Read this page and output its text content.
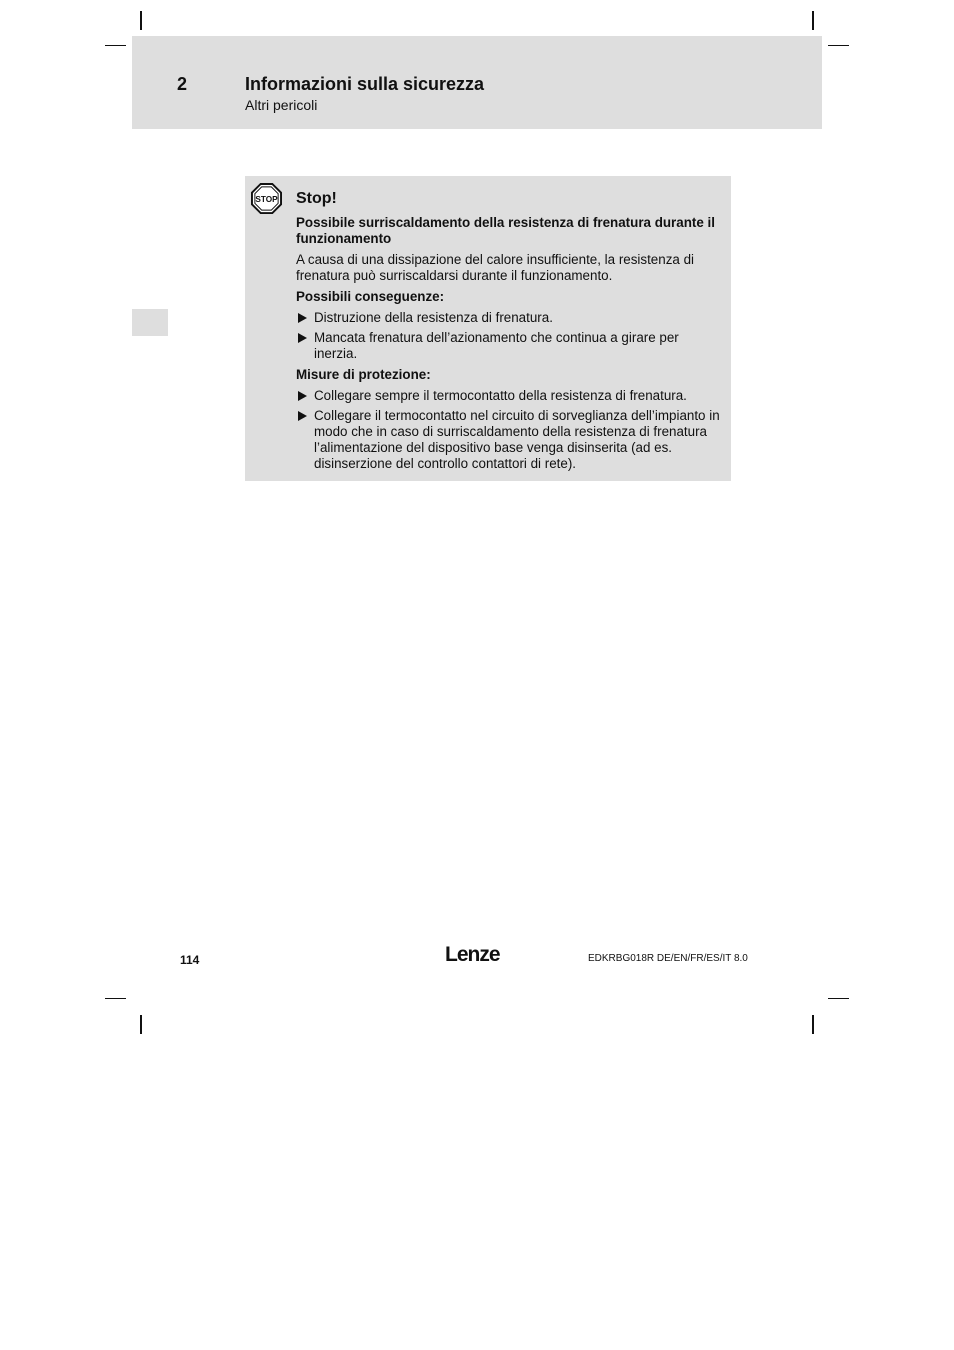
2	Informazioni sulla sicurezza
Altri pericoli
STOP Stop!
Possibile surriscaldamento della resistenza di frenatura durante il funzionamento
A causa di una dissipazione del calore insufficiente, la resistenza di frenatura può surriscaldarsi durante il funzionamento.
Possibili conseguenze:
Distruzione della resistenza di frenatura.
Mancata frenatura dell’azionamento che continua a girare per inerzia.
Misure di protezione:
Collegare sempre il termocontatto della resistenza di frenatura.
Collegare il termocontatto nel circuito di sorveglianza dell’impianto in modo che in caso di surriscaldamento della resistenza di frenatura l’alimentazione del dispositivo base venga disinserita (ad es. disinserzione del controllo contattori di rete).
114	Lenze	EDKRBG018R DE/EN/FR/ES/IT 8.0
